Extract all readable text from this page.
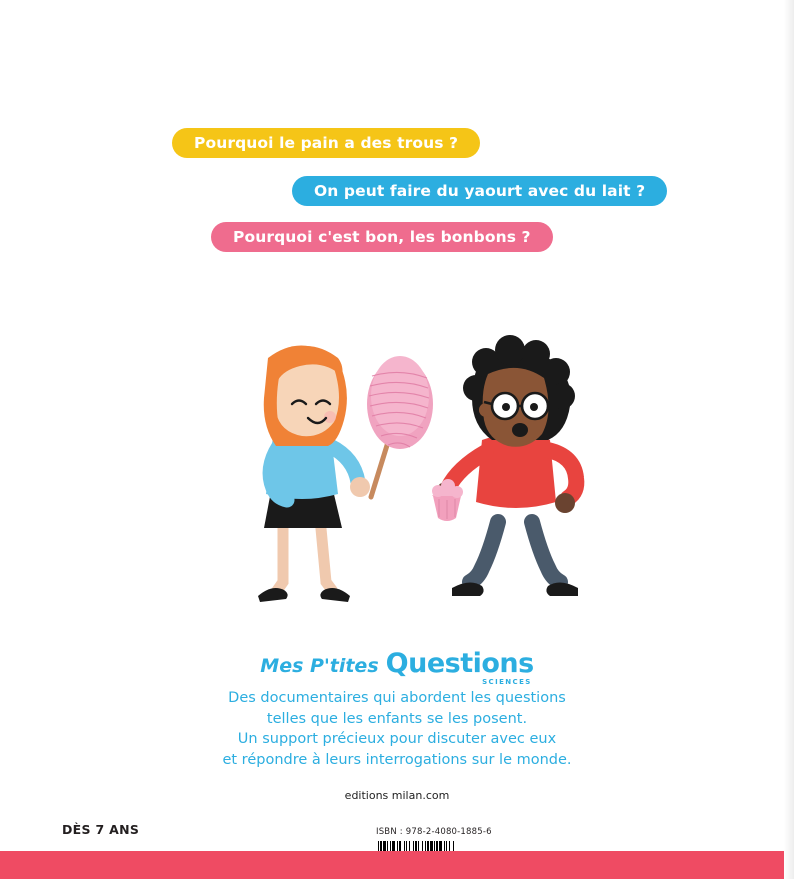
Pourquoi le pain a des trous ?
On peut faire du yaourt avec du lait ?
Pourquoi c'est bon, les bonbons ?
Mes P'tites Questions
SCIENCES
Des documentaires qui abordent les questions
telles que les enfants se les posent.
Un support précieux pour discuter avec eux
et répondre à leurs interrogations sur le monde.
editions milan.com
DÈS 7 ANS	ISBN : 978-2-4080-1885-6
